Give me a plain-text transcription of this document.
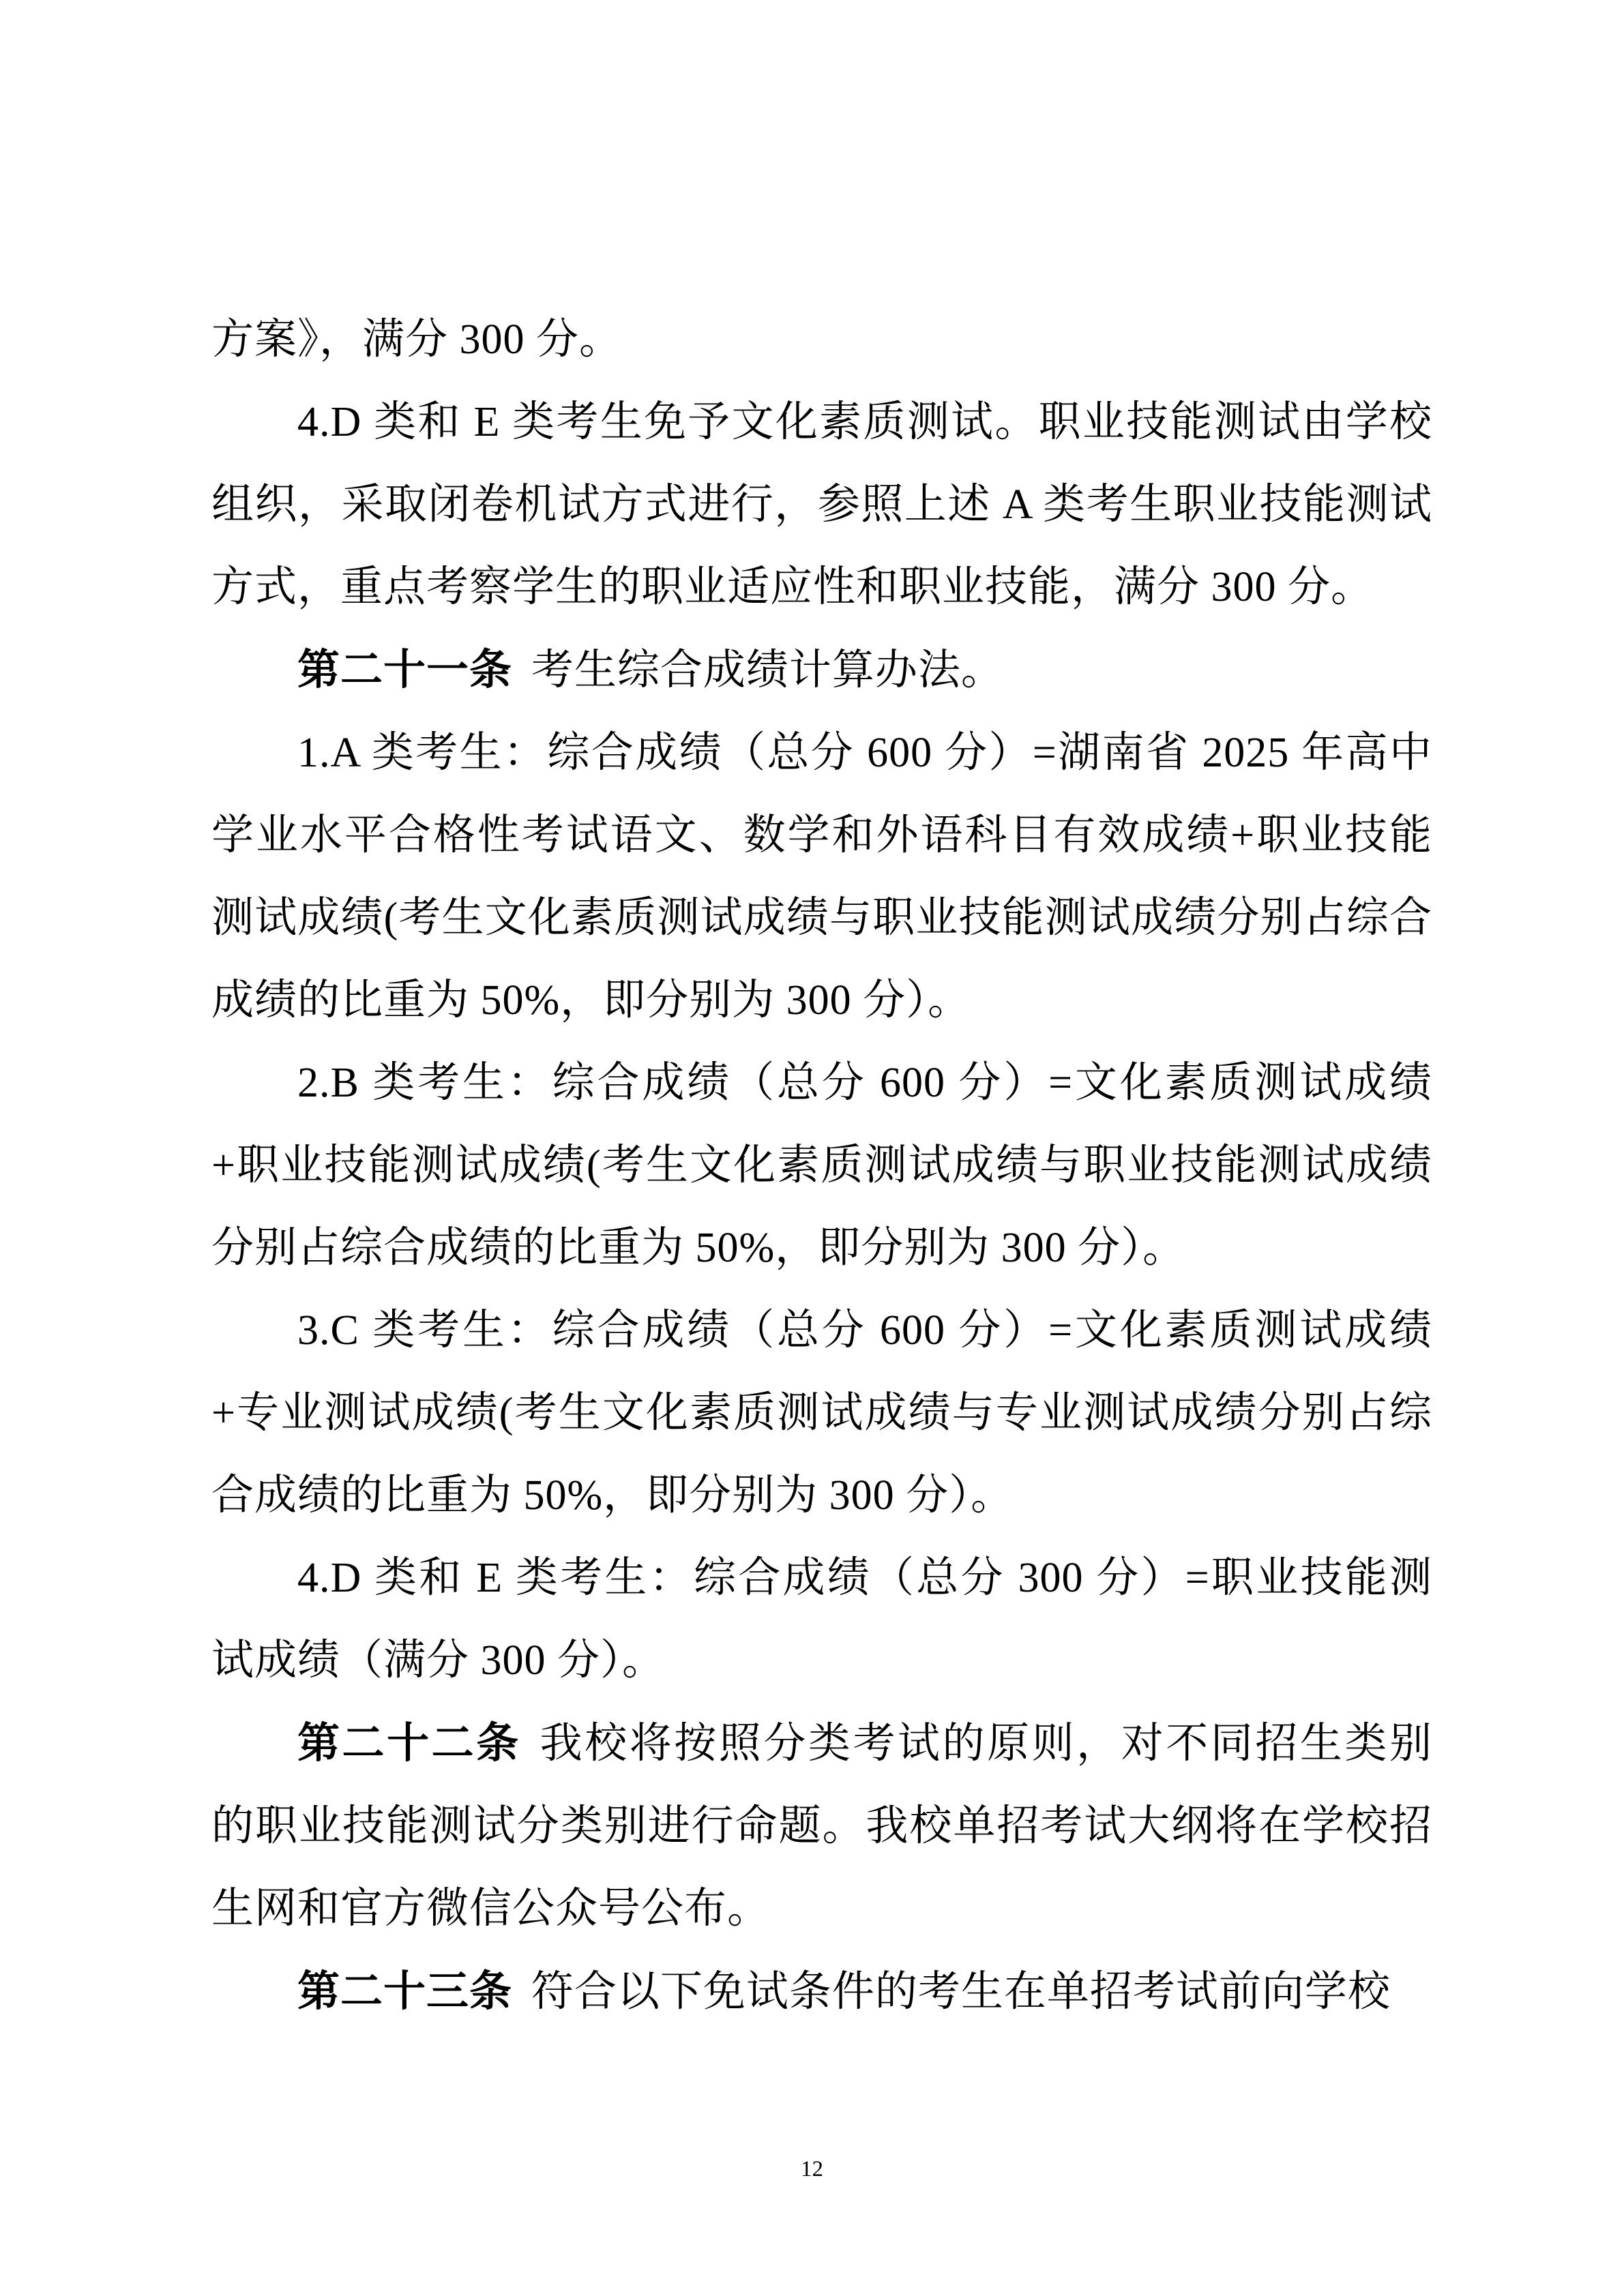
方案》，满分 300 分。

4.D 类和 E 类考生免予文化素质测试。职业技能测试由学校组织，采取闭卷机试方式进行，参照上述 A 类考生职业技能测试方式，重点考察学生的职业适应性和职业技能，满分 300 分。

第二十一条 考生综合成绩计算办法。

1.A 类考生：综合成绩（总分 600 分）=湖南省 2025 年高中学业水平合格性考试语文、数学和外语科目有效成绩+职业技能测试成绩(考生文化素质测试成绩与职业技能测试成绩分别占综合成绩的比重为 50%，即分别为 300 分）。

2.B 类考生：综合成绩（总分 600 分）=文化素质测试成绩+职业技能测试成绩(考生文化素质测试成绩与职业技能测试成绩分别占综合成绩的比重为 50%，即分别为 300 分）。

3.C 类考生：综合成绩（总分 600 分）=文化素质测试成绩+专业测试成绩(考生文化素质测试成绩与专业测试成绩分别占综合成绩的比重为 50%，即分别为 300 分）。

4.D 类和 E 类考生：综合成绩（总分 300 分）=职业技能测试成绩（满分 300 分）。

第二十二条 我校将按照分类考试的原则，对不同招生类别的职业技能测试分类别进行命题。我校单招考试大纲将在学校招生网和官方微信公众号公布。

第二十三条 符合以下免试条件的考生在单招考试前向学校

12
